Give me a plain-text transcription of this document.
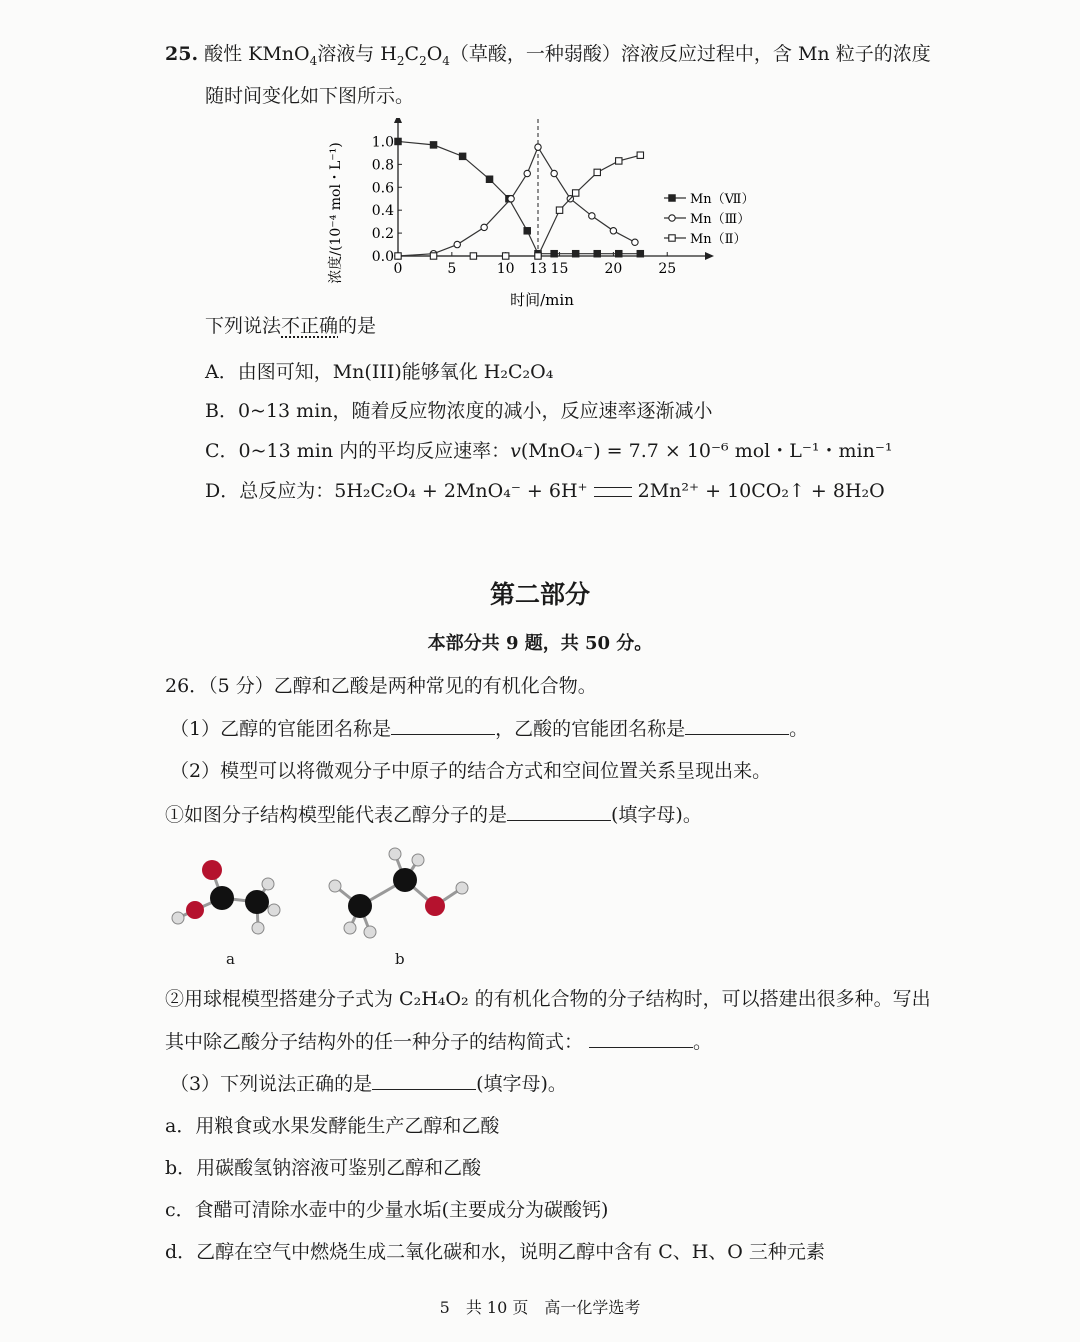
25. 酸性 KMnO$_4$溶液与 $H_2C_2O_4$（草酸，一种弱酸）溶液反应过程中，含 Mn 粒子的浓度
随时间变化如下图所示。
浓度/(10⁻⁴ mol・L⁻¹)	0	5	10 13 15	20	25
0.0
0.2
0.4
0.6
0.8
1.0
时间/min
Mn（Ⅶ）
Mn（Ⅲ）
Mn（Ⅱ）
下列说法不正确的是
A．由图可知，Mn(III)能够氧化 H₂C₂O₄
B．0~13 min，随着反应物浓度的减小，反应速率逐渐减小
C．0~13 min 内的平均反应速率：v(MnO₄⁻) = 7.7 × 10⁻⁶ mol・L⁻¹・min⁻¹
D．总反应为：5H₂C₂O₄ + 2MnO₄⁻ + 6H⁺	2Mn²⁺ + 10CO₂↑ + 8H₂O
第二部分
本部分共 9 题，共 50 分。
26．（5 分）乙醇和乙酸是两种常见的有机化合物。
（1）乙醇的官能团名称是	，乙酸的官能团名称是	。
（2）模型可以将微观分子中原子的结合方式和空间位置关系呈现出来。
①如图分子结构模型能代表乙醇分子的是	(填字母)。
a	b
②用球棍模型搭建分子式为 C₂H₄O₂ 的有机化合物的分子结构时，可以搭建出很多种。写出
其中除乙酸分子结构外的任一种分子的结构简式：	。
（3）下列说法正确的是	(填字母)。
a．用粮食或水果发酵能生产乙醇和乙酸
b．用碳酸氢钠溶液可鉴别乙醇和乙酸
c．食醋可清除水壶中的少量水垢(主要成分为碳酸钙)
d．乙醇在空气中燃烧生成二氧化碳和水，说明乙醇中含有 C、H、O 三种元素
5　共 10 页　高一化学选考
